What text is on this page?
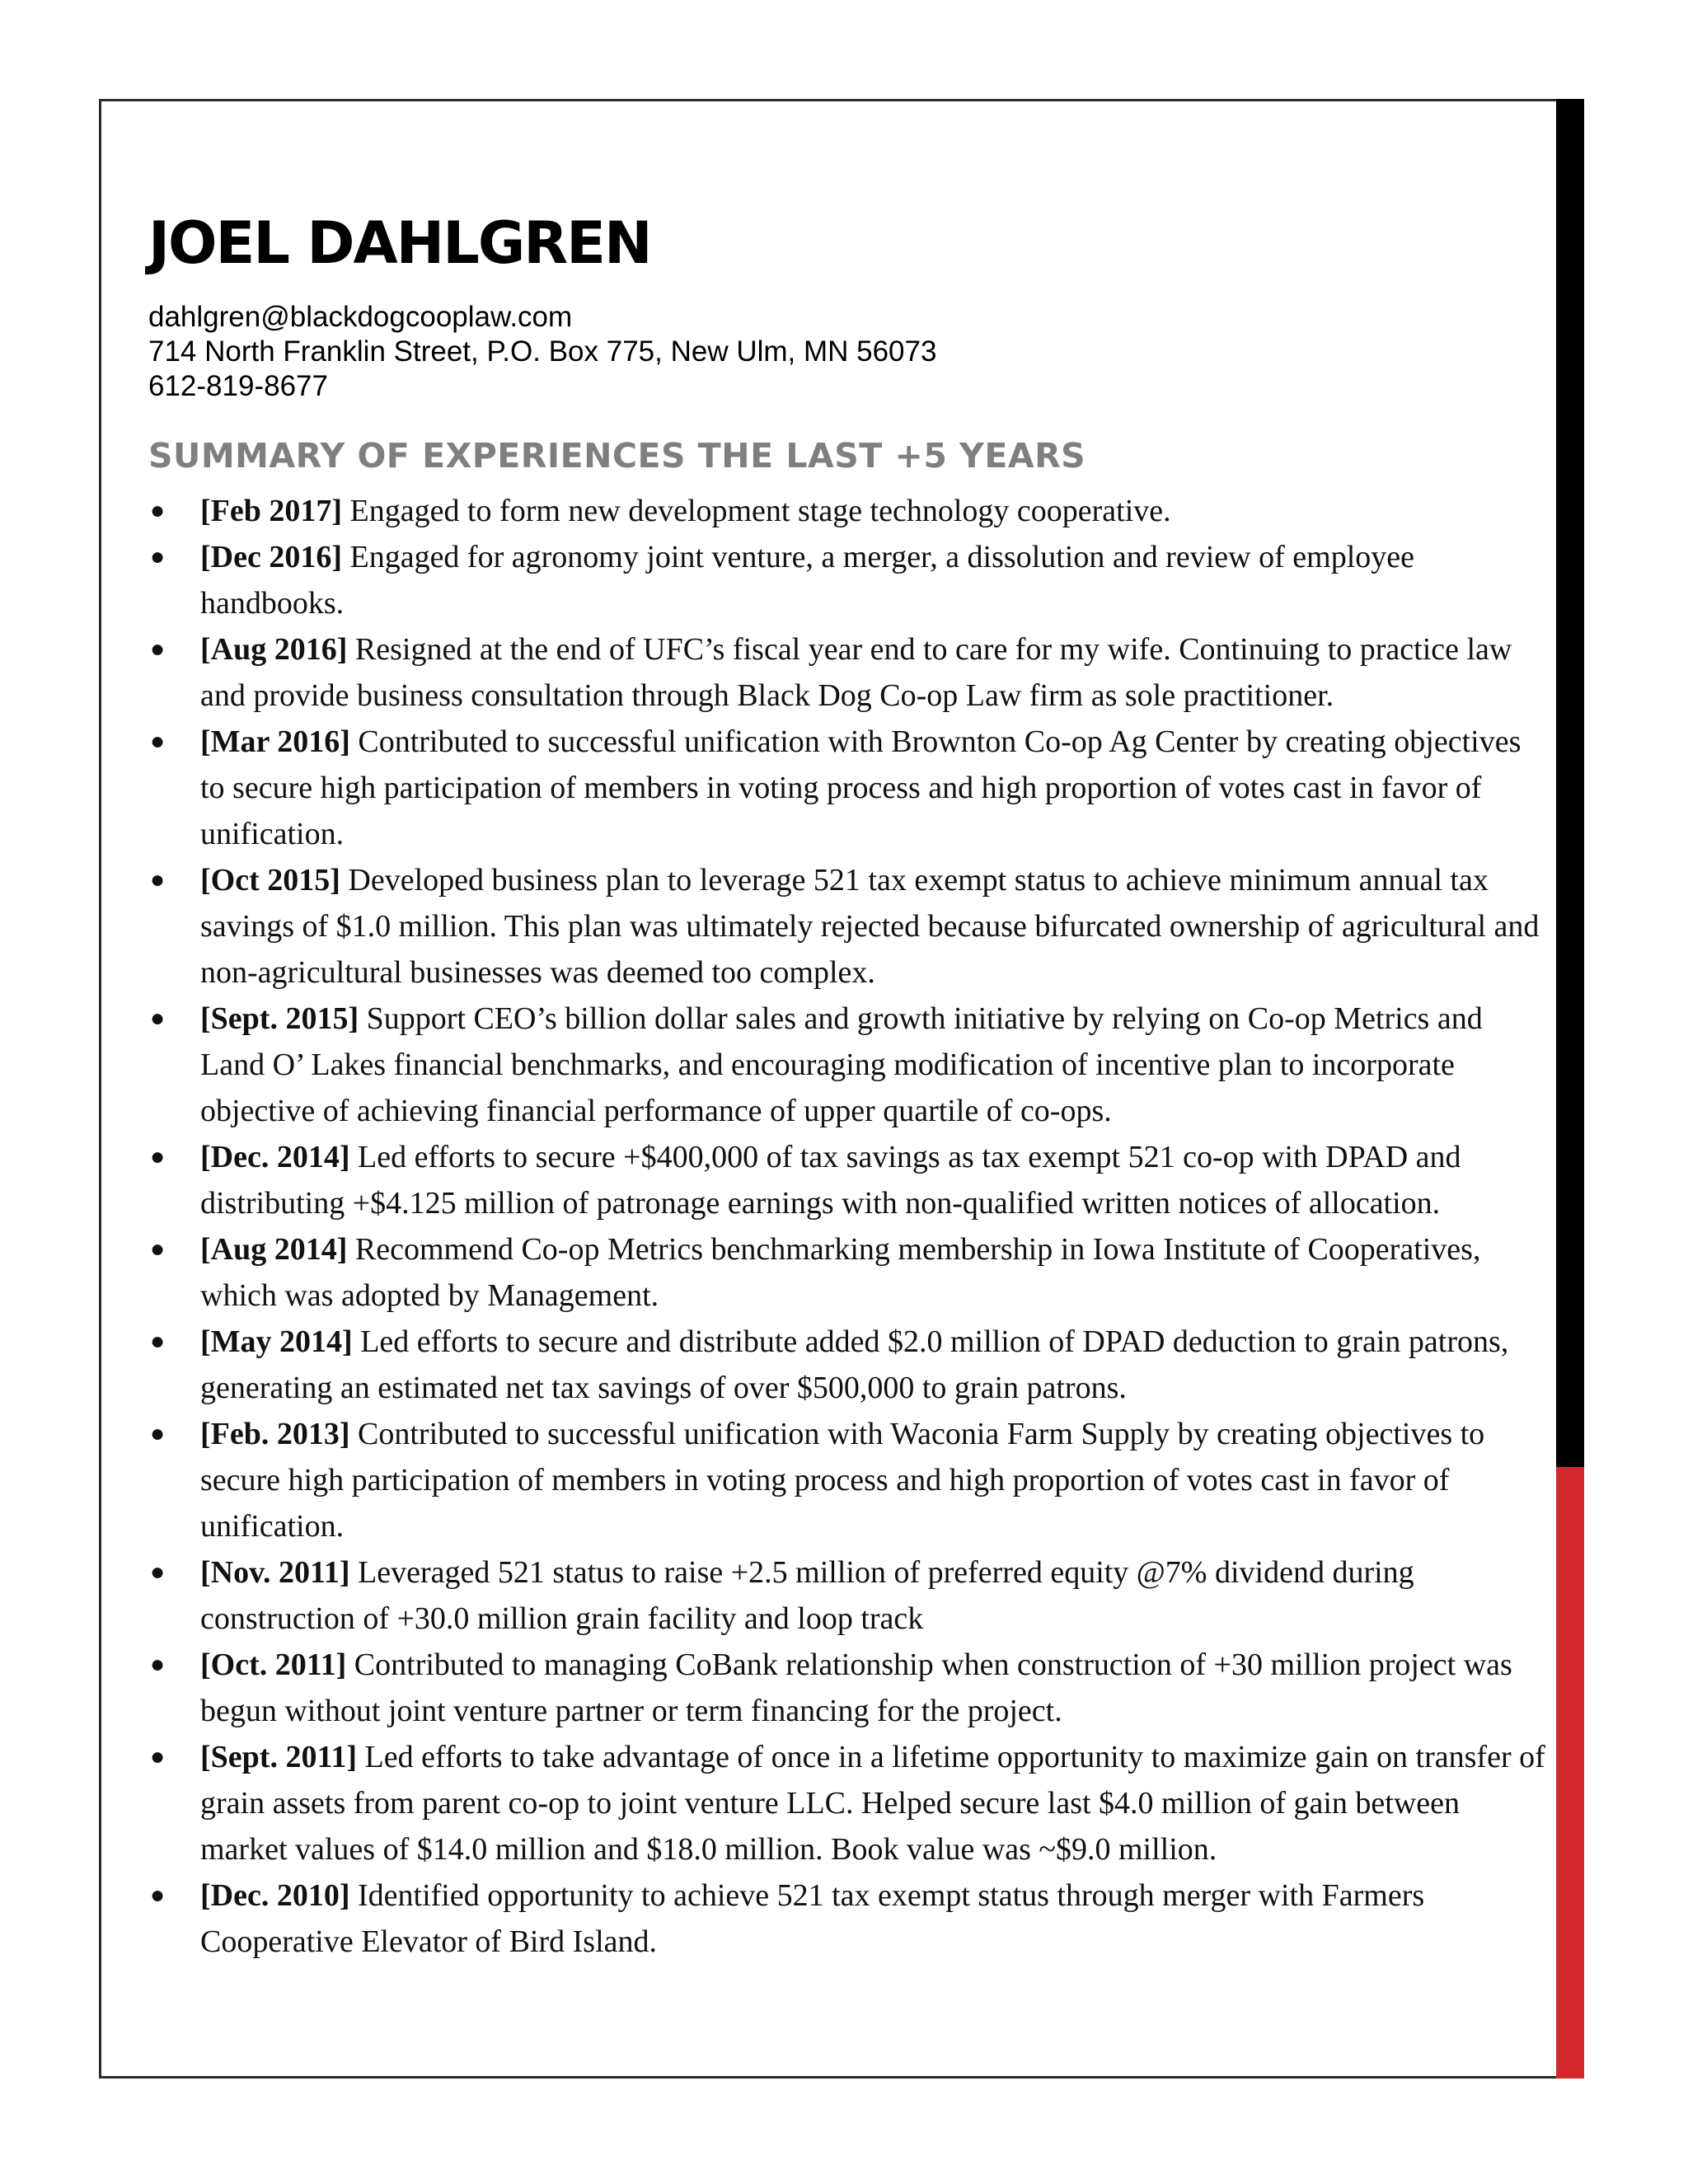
JOEL DAHLGREN
dahlgren@blackdogcooplaw.com
714 North Franklin Street, P.O. Box 775, New Ulm, MN 56073
612-819-8677
SUMMARY OF EXPERIENCES THE LAST +5 YEARS
● [Feb 2017] Engaged to form new development stage technology cooperative.
● [Dec 2016] Engaged for agronomy joint venture, a merger, a dissolution and review of employee handbooks.
● [Aug 2016] Resigned at the end of UFC’s fiscal year end to care for my wife. Continuing to practice law and provide business consultation through Black Dog Co-op Law firm as sole practitioner.
● [Mar 2016] Contributed to successful unification with Brownton Co-op Ag Center by creating objectives to secure high participation of members in voting process and high proportion of votes cast in favor of unification.
● [Oct 2015] Developed business plan to leverage 521 tax exempt status to achieve minimum annual tax savings of $1.0 million. This plan was ultimately rejected because bifurcated ownership of agricultural and non-agricultural businesses was deemed too complex.
● [Sept. 2015] Support CEO’s billion dollar sales and growth initiative by relying on Co-op Metrics and Land O’ Lakes financial benchmarks, and encouraging modification of incentive plan to incorporate objective of achieving financial performance of upper quartile of co-ops.
● [Dec. 2014] Led efforts to secure +$400,000 of tax savings as tax exempt 521 co-op with DPAD and distributing +$4.125 million of patronage earnings with non-qualified written notices of allocation.
● [Aug 2014] Recommend Co-op Metrics benchmarking membership in Iowa Institute of Cooperatives, which was adopted by Management.
● [May 2014] Led efforts to secure and distribute added $2.0 million of DPAD deduction to grain patrons, generating an estimated net tax savings of over $500,000 to grain patrons.
● [Feb. 2013] Contributed to successful unification with Waconia Farm Supply by creating objectives to secure high participation of members in voting process and high proportion of votes cast in favor of unification.
● [Nov. 2011] Leveraged 521 status to raise +2.5 million of preferred equity @7% dividend during construction of +30.0 million grain facility and loop track
● [Oct. 2011] Contributed to managing CoBank relationship when construction of +30 million project was begun without joint venture partner or term financing for the project.
● [Sept. 2011] Led efforts to take advantage of once in a lifetime opportunity to maximize gain on transfer of grain assets from parent co-op to joint venture LLC. Helped secure last $4.0 million of gain between market values of $14.0 million and $18.0 million. Book value was ~$9.0 million.
● [Dec. 2010] Identified opportunity to achieve 521 tax exempt status through merger with Farmers Cooperative Elevator of Bird Island.
